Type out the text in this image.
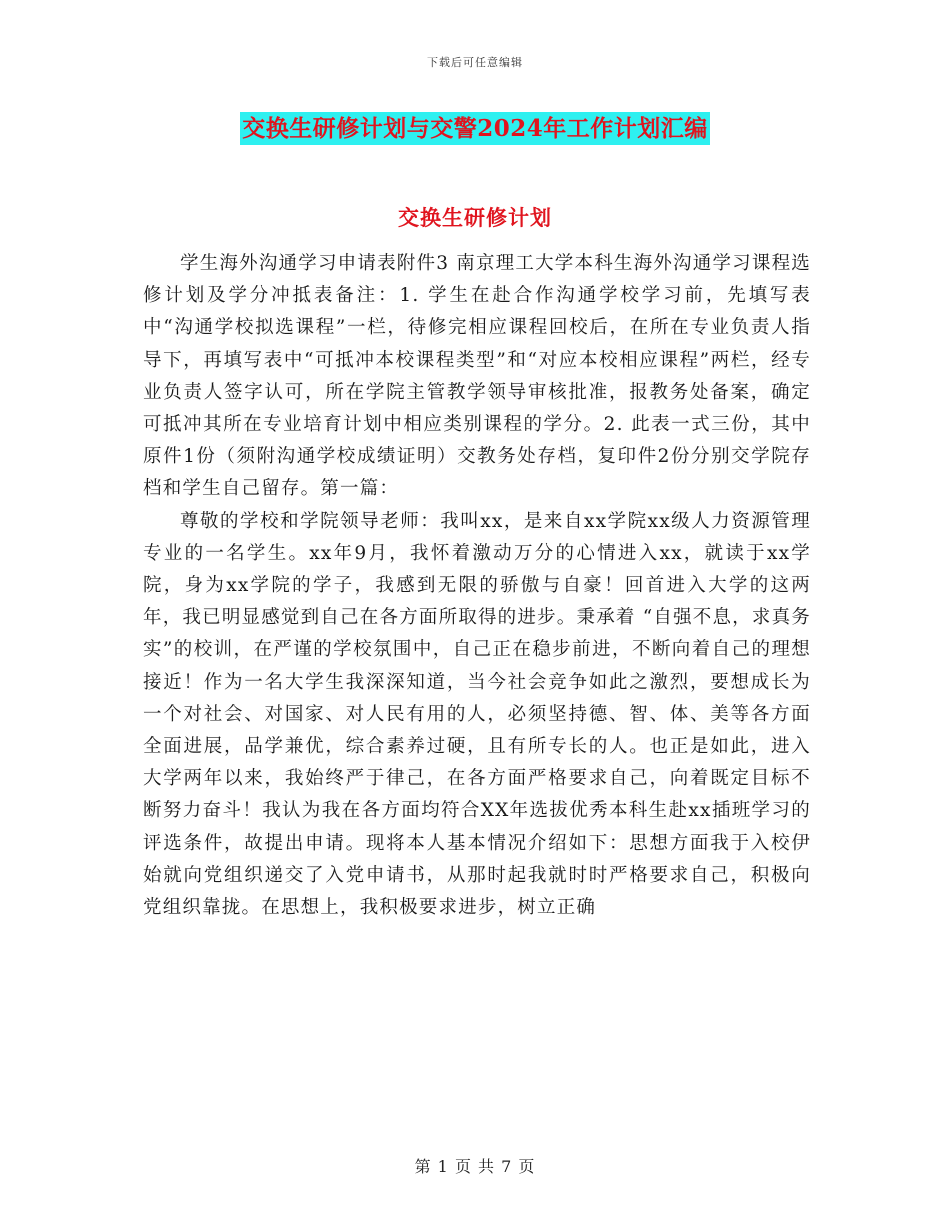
下载后可任意编辑
交换生研修计划与交警2024年工作计划汇编
交换生研修计划

学生海外沟通学习申请表附件3 南京理工大学本科生海外沟通学习课程选修计划及学分冲抵表备注：1. 学生在赴合作沟通学校学习前，先填写表中“沟通学校拟选课程”一栏，待修完相应课程回校后，在所在专业负责人指导下，再填写表中“可抵冲本校课程类型”和“对应本校相应课程”两栏，经专业负责人签字认可，所在学院主管教学领导审核批准，报教务处备案，确定可抵冲其所在专业培育计划中相应类别课程的学分。2. 此表一式三份，其中原件1份（须附沟通学校成绩证明）交教务处存档，复印件2份分别交学院存档和学生自己留存。第一篇：

尊敬的学校和学院领导老师：我叫xx，是来自xx学院xx级人力资源管理专业的一名学生。xx年9月，我怀着激动万分的心情进入xx，就读于xx学院，身为xx学院的学子，我感到无限的骄傲与自豪！回首进入大学的这两年，我已明显感觉到自己在各方面所取得的进步。秉承着 “自强不息，求真务实”的校训，在严谨的学校氛围中，自己正在稳步前进，不断向着自己的理想接近！作为一名大学生我深深知道，当今社会竞争如此之激烈，要想成长为一个对社会、对国家、对人民有用的人，必须坚持德、智、体、美等各方面全面进展，品学兼优，综合素养过硬，且有所专长的人。也正是如此，进入大学两年以来，我始终严于律己，在各方面严格要求自己，向着既定目标不断努力奋斗！我认为我在各方面均符合XX年选拔优秀本科生赴xx插班学习的评选条件，故提出申请。现将本人基本情况介绍如下：思想方面我于入校伊始就向党组织递交了入党申请书，从那时起我就时时严格要求自己，积极向党组织靠拢。在思想上，我积极要求进步，树立正确

第 1 页 共 7 页
